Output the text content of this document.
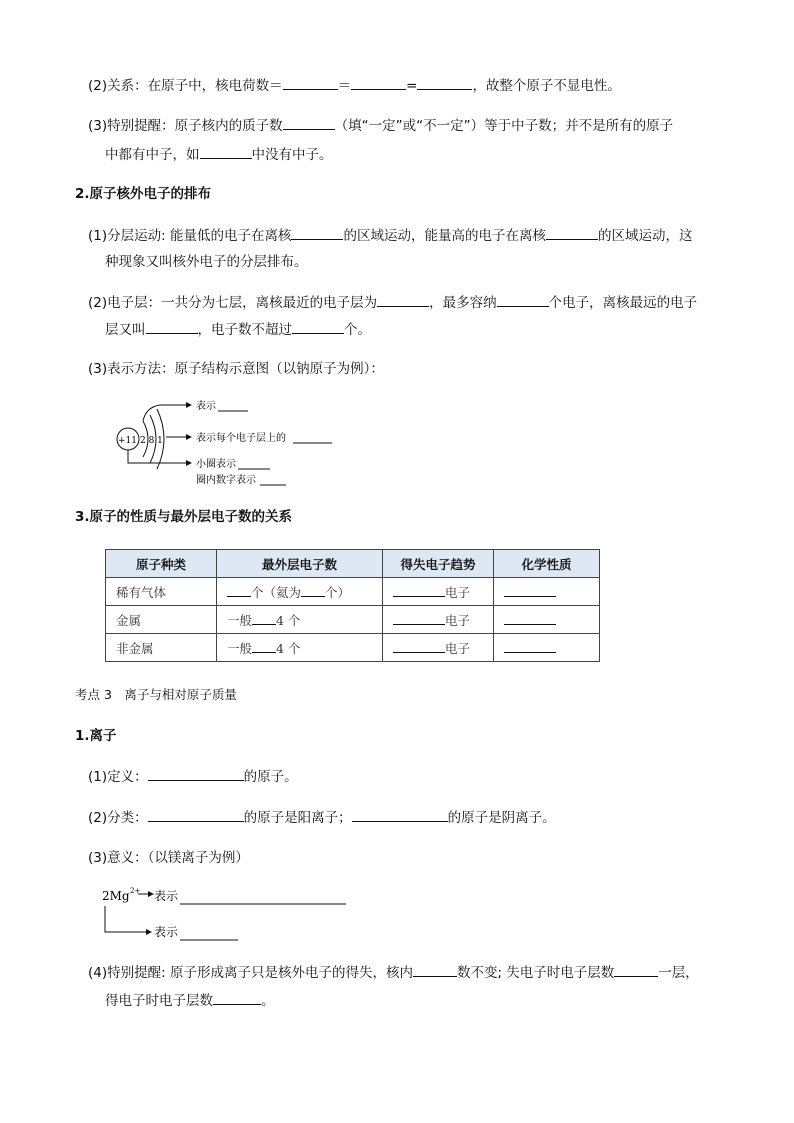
(2)关系：在原子中，核电荷数＝	＝	=	，故整个原子不显电性。
(3)特别提醒：原子核内的质子数	（填“一定”或“不一定”）等于中子数；并不是所有的原子
中都有中子，如	中没有中子。
2.原子核外电子的排布
(1)分层运动: 能量低的电子在离核	的区域运动，能量高的电子在离核	的区域运动，这
种现象又叫核外电子的分层排布。
(2)电子层：一共分为七层，离核最近的电子层为	，最多容纳	个电子，离核最远的电子
层又叫	，电子数不超过	个。
(3)表示方法：原子结构示意图（以钠原子为例）：
+11 2 8 1
表示
表示每个电子层上的
小圈表示
圈内数字表示
3.原子的性质与最外层电子数的关系
原子种类	最外层电子数	得失电子趋势	化学性质
稀有气体	个（氦为 个）	电子	
金属	一般 4 个	电子	
非金属	一般 4 个	电子	
考点 3　离子与相对原子质量
1.离子
(1)定义：	的原子。
(2)分类：	的原子是阳离子；	的原子是阴离子。
(3)意义：（以镁离子为例）
2Mg 2+ 表示
表示
(4)特别提醒: 原子形成离子只是核外电子的得失，核内	数不变; 失电子时电子层数	一层，
得电子时电子层数	。
